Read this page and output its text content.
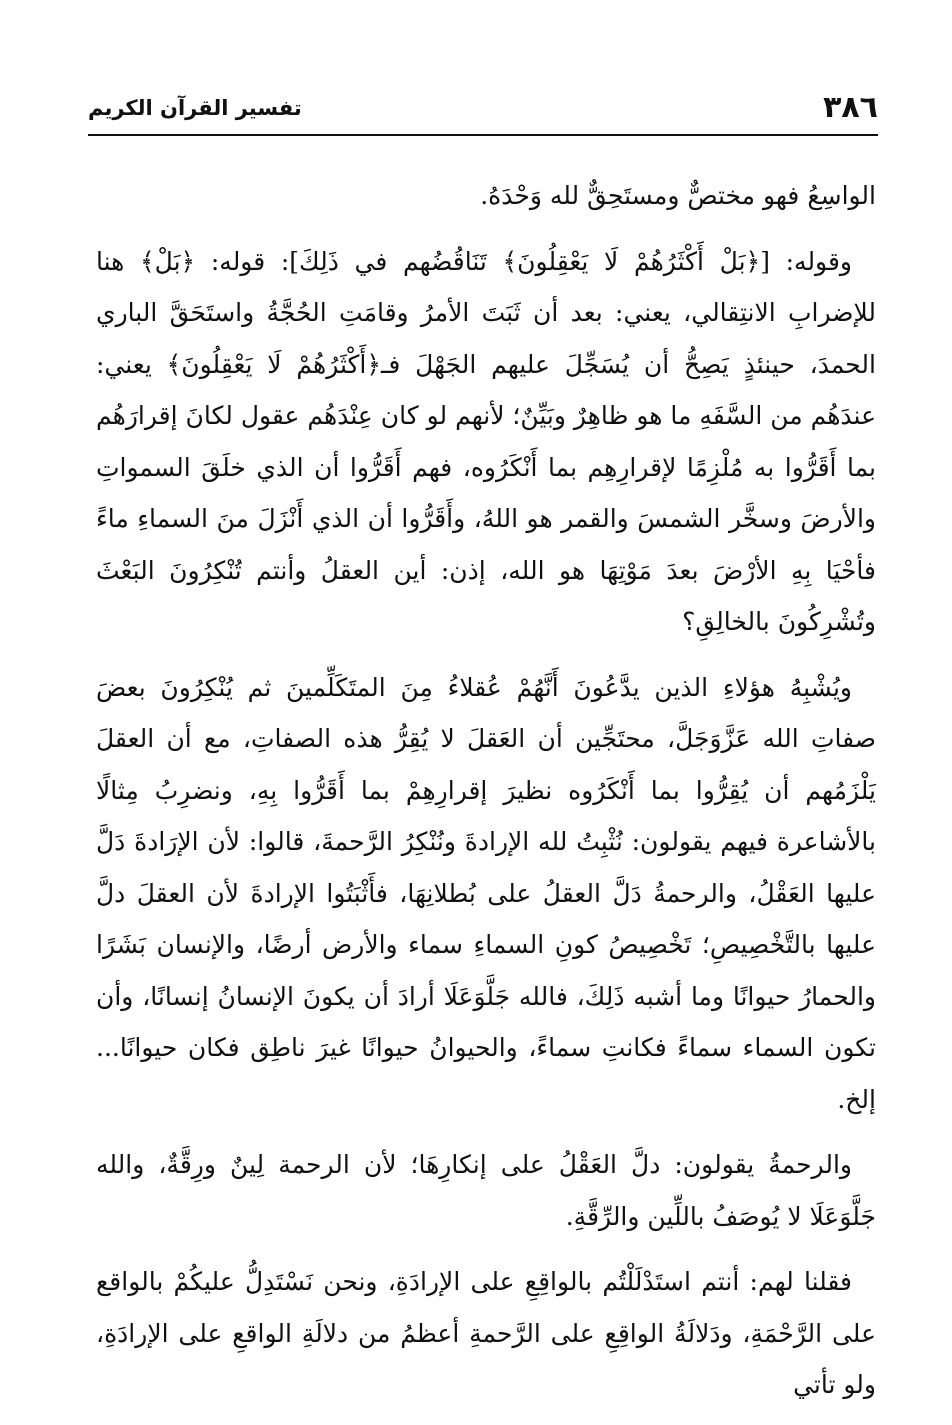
٣٨٦
تفسير القرآن الكريم

الواسِعُ فهو مختصٌّ ومستَحِقٌّ لله وَحْدَهُ.

وقوله: [﴿بَلْ أَكْثَرُهُمْ لَا يَعْقِلُونَ﴾ تَنَاقُضُهم في ذَلِكَ]: قوله: ﴿بَلْ﴾ هنا للإضرابِ الانتِقالي، يعني: بعد أن ثَبَتَ الأمرُ وقامَتِ الحُجَّةُ واستَحَقَّ الباري الحمدَ، حينئذٍ يَصِحُّ أن يُسَجِّلَ عليهم الجَهْلَ فـ﴿أَكْثَرُهُمْ لَا يَعْقِلُونَ﴾ يعني: عندَهُم من السَّفَهِ ما هو ظاهِرٌ وبَيِّنٌ؛ لأنهم لو كان عِنْدَهُم عقول لكانَ إقرارَهُم بما أَقَرُّوا به مُلْزِمًا لإقرارِهِم بما أَنْكَرُوه، فهم أَقَرُّوا أن الذي خلَقَ السمواتِ والأرضَ وسخَّر الشمسَ والقمر هو اللهُ، وأَقَرُّوا أن الذي أَنْزَلَ منَ السماءِ ماءً فأحْيَا بِهِ الأرْضَ بعدَ مَوْتِهَا هو الله، إذن: أين العقلُ وأنتم تُنْكِرُونَ البَعْثَ وتُشْرِكُونَ بالخالِقِ؟

ويُشْبِهُ هؤلاءِ الذين يدَّعُونَ أَنَّهُمْ عُقلاءُ مِنَ المتَكَلِّمينَ ثم يُنْكِرُونَ بعضَ صفاتِ الله عَزَّوَجَلَّ، محتَجِّين أن العَقلَ لا يُقِرُّ هذه الصفاتِ، مع أن العقلَ يَلْزَمُهم أن يُقِرُّوا بما أَنْكَرُوه نظيرَ إقرارِهِمْ بما أَقَرُّوا بِهِ، ونضرِبُ مِثالًا بالأشاعرة فيهم يقولون: نُثْبِتُ لله الإرادةَ ونُنْكِرُ الرَّحمةَ، قالوا: لأن الإرَادةَ دَلَّ عليها العَقْلُ، والرحمةُ دَلَّ العقلُ على بُطلانِهَا، فأَثْبَتُوا الإرادةَ لأن العقلَ دلَّ عليها بالتَّخْصِيصِ؛ تَخْصِيصُ كونِ السماءِ سماء والأرض أرضًا، والإنسان بَشَرًا والحمارُ حيوانًا وما أشبه ذَلِكَ، فالله جَلَّوَعَلَا أرادَ أن يكونَ الإنسانُ إنسانًا، وأن تكون السماء سماءً فكانتِ سماءً، والحيوانُ حيوانًا غيرَ ناطِق فكان حيوانًا... إلخ.

والرحمةُ يقولون: دلَّ العَقْلُ على إنكارِهَا؛ لأن الرحمة لِينٌ ورِقَّةٌ، والله جَلَّوَعَلَا لا يُوصَفُ باللِّين والرِّقَّةِ.

فقلنا لهم: أنتم استَدْلَلْتُم بالواقِعِ على الإرادَةِ، ونحن نَسْتَدِلُّ عليكُمْ بالواقع على الرَّحْمَةِ، ودَلالَةُ الواقِعِ على الرَّحمةِ أعظمُ من دلالَةِ الواقعِ على الإرادَةِ، ولو تأتي
